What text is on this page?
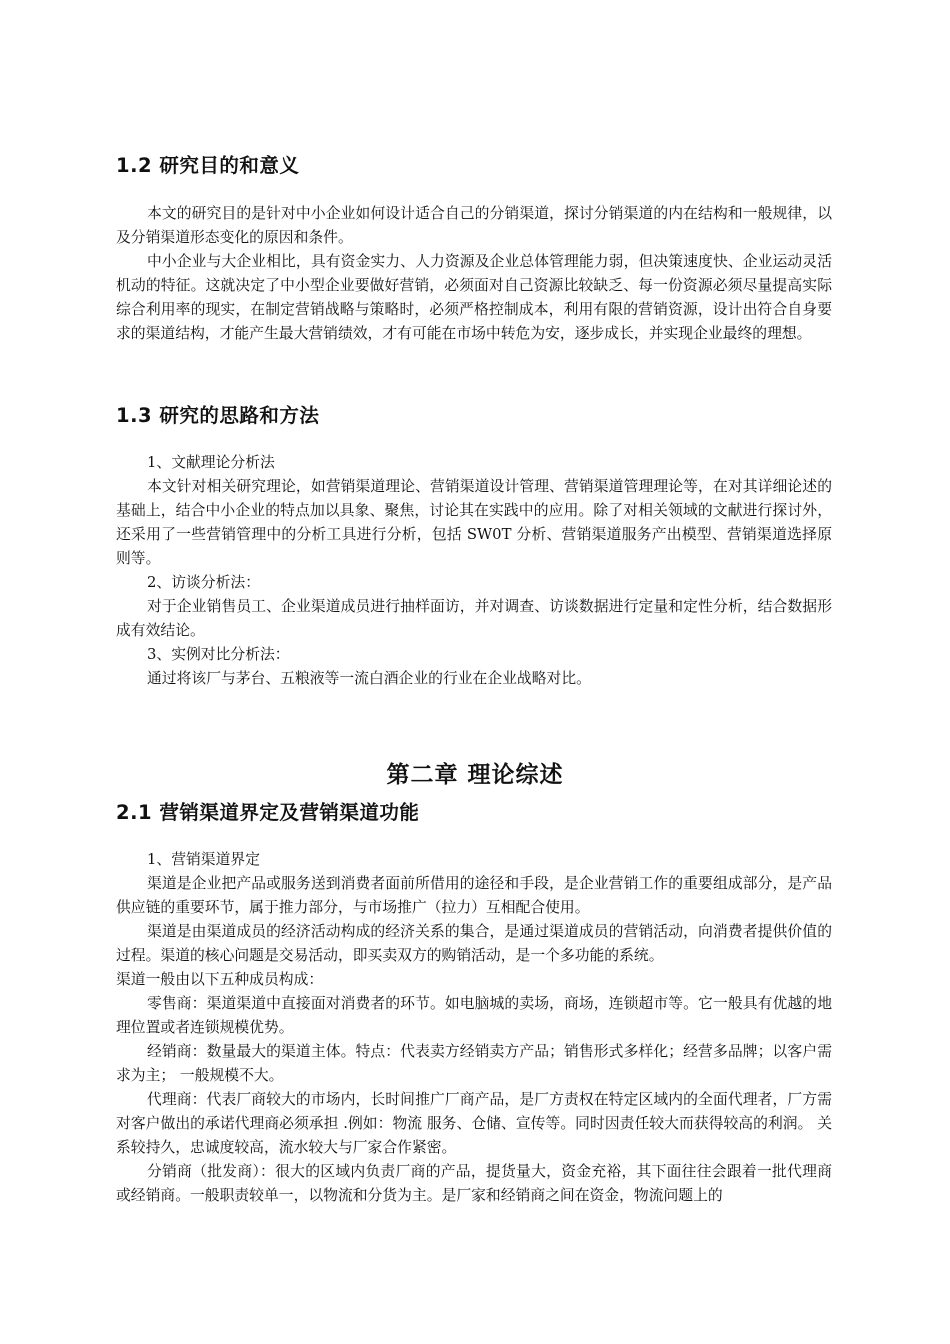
1.2 研究目的和意义

本文的研究目的是针对中小企业如何设计适合自己的分销渠道，探讨分销渠道的内在结构和一般规律，以及分销渠道形态变化的原因和条件。

中小企业与大企业相比，具有资金实力、人力资源及企业总体管理能力弱，但决策速度快、企业运动灵活机动的特征。这就决定了中小型企业要做好营销，必须面对自己资源比较缺乏、每一份资源必须尽量提高实际综合利用率的现实，在制定营销战略与策略时，必须严格控制成本，利用有限的营销资源，设计出符合自身要求的渠道结构，才能产生最大营销绩效，才有可能在市场中转危为安，逐步成长，并实现企业最终的理想。

1.3 研究的思路和方法

1、文献理论分析法

本文针对相关研究理论，如营销渠道理论、营销渠道设计管理、营销渠道管理理论等，在对其详细论述的基础上，结合中小企业的特点加以具象、聚焦，讨论其在实践中的应用。除了对相关领域的文献进行探讨外，还采用了一些营销管理中的分析工具进行分析，包括 SW0T 分析、营销渠道服务产出模型、营销渠道选择原则等。

2、访谈分析法：

对于企业销售员工、企业渠道成员进行抽样面访，并对调查、访谈数据进行定量和定性分析，结合数据形成有效结论。

3、实例对比分析法：

通过将该厂与茅台、五粮液等一流白酒企业的行业在企业战略对比。

第二章 理论综述
2.1 营销渠道界定及营销渠道功能

1、营销渠道界定

渠道是企业把产品或服务送到消费者面前所借用的途径和手段，是企业营销工作的重要组成部分，是产品供应链的重要环节，属于推力部分，与市场推广（拉力）互相配合使用。

渠道是由渠道成员的经济活动构成的经济关系的集合，是通过渠道成员的营销活动，向消费者提供价值的过程。渠道的核心问题是交易活动，即买卖双方的购销活动，是一个多功能的系统。

渠道一般由以下五种成员构成：

零售商：渠道渠道中直接面对消费者的环节。如电脑城的卖场，商场，连锁超市等。它一般具有优越的地理位置或者连锁规模优势。

经销商：数量最大的渠道主体。特点：代表卖方经销卖方产品；销售形式多样化；经营多品牌；以客户需求为主； 一般规模不大。

代理商：代表厂商较大的市场内，长时间推广厂商产品，是厂方责权在特定区域内的全面代理者，厂方需对客户做出的承诺代理商必须承担 .例如：物流 服务、仓储、宣传等。同时因责任较大而获得较高的利润。 关系较持久，忠诚度较高，流水较大与厂家合作紧密。

分销商（批发商）：很大的区域内负责厂商的产品，提货量大，资金充裕，其下面往往会跟着一批代理商或经销商。一般职责较单一，以物流和分货为主。是厂家和经销商之间在资金，物流问题上的
